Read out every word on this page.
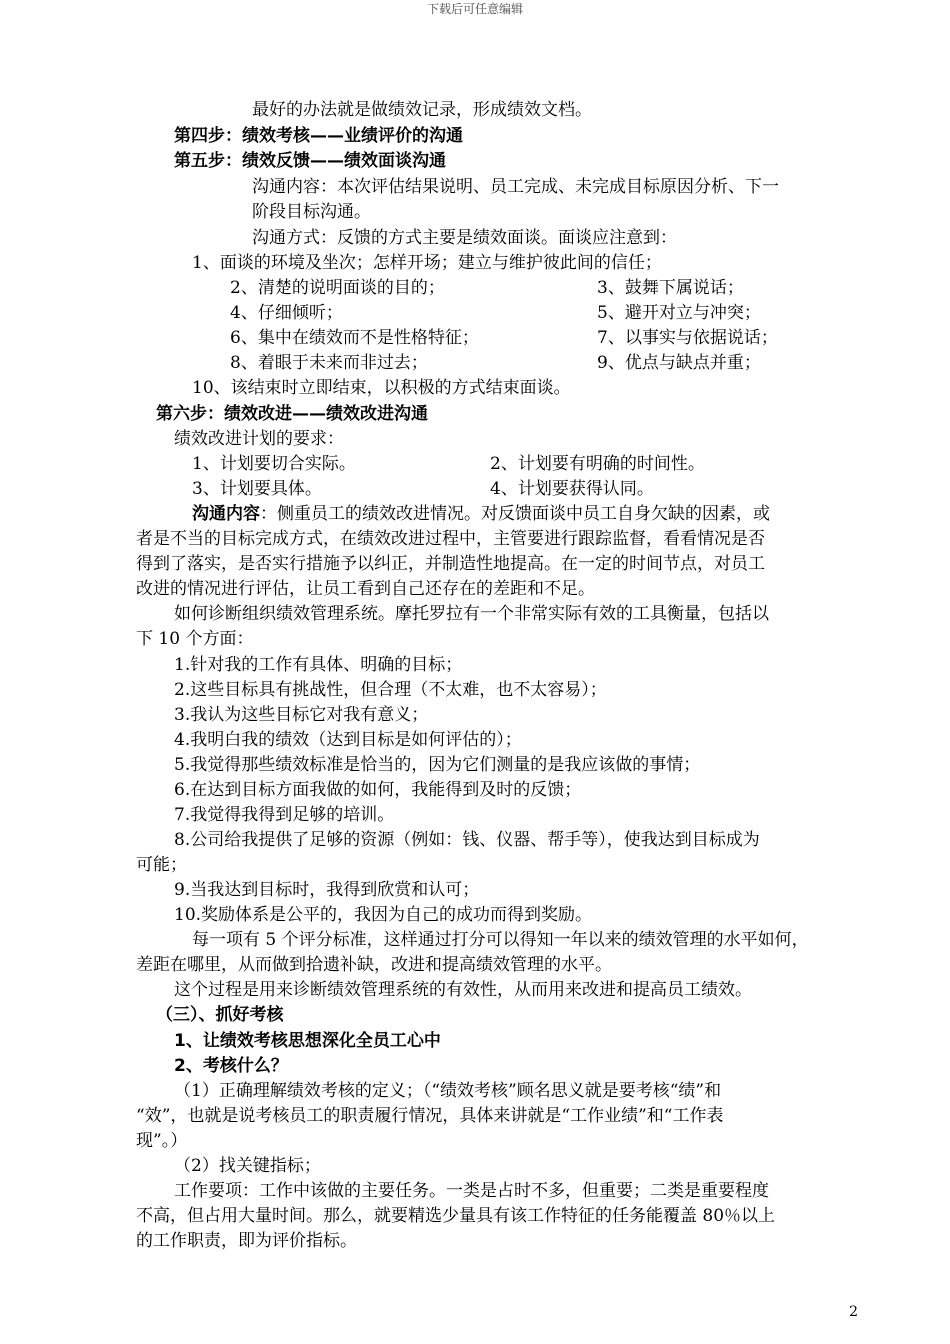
下载后可任意编辑
最好的办法就是做绩效记录，形成绩效文档。
第四步：绩效考核——业绩评价的沟通
第五步：绩效反馈——绩效面谈沟通
沟通内容：本次评估结果说明、员工完成、未完成目标原因分析、下一
阶段目标沟通。
沟通方式：反馈的方式主要是绩效面谈。面谈应注意到：
1、面谈的环境及坐次；怎样开场；建立与维护彼此间的信任；
2、清楚的说明面谈的目的；	3、鼓舞下属说话；
4、仔细倾听；	5、避开对立与冲突；
6、集中在绩效而不是性格特征；	7、以事实与依据说话；
8、着眼于未来而非过去；	9、优点与缺点并重；
10、该结束时立即结束，以积极的方式结束面谈。
第六步：绩效改进——绩效改进沟通
绩效改进计划的要求：
1、计划要切合实际。	2、计划要有明确的时间性。
3、计划要具体。	4、计划要获得认同。
沟通内容：侧重员工的绩效改进情况。对反馈面谈中员工自身欠缺的因素，或
者是不当的目标完成方式，在绩效改进过程中，主管要进行跟踪监督，看看情况是否
得到了落实，是否实行措施予以纠正，并制造性地提高。在一定的时间节点，对员工
改进的情况进行评估，让员工看到自己还存在的差距和不足。
如何诊断组织绩效管理系统。摩托罗拉有一个非常实际有效的工具衡量，包括以
下 10 个方面：
1.针对我的工作有具体、明确的目标；
2.这些目标具有挑战性，但合理（不太难，也不太容易）；
3.我认为这些目标它对我有意义；
4.我明白我的绩效（达到目标是如何评估的）；
5.我觉得那些绩效标准是恰当的，因为它们测量的是我应该做的事情；
6.在达到目标方面我做的如何，我能得到及时的反馈；
7.我觉得我得到足够的培训。
8.公司给我提供了足够的资源（例如：钱、仪器、帮手等），使我达到目标成为
可能；
9.当我达到目标时，我得到欣赏和认可；
10.奖励体系是公平的，我因为自己的成功而得到奖励。
每一项有 5 个评分标准，这样通过打分可以得知一年以来的绩效管理的水平如何，
差距在哪里，从而做到拾遗补缺，改进和提高绩效管理的水平。
这个过程是用来诊断绩效管理系统的有效性，从而用来改进和提高员工绩效。
（三）、抓好考核
1、让绩效考核思想深化全员工心中
2、考核什么？
（1）正确理解绩效考核的定义；（“绩效考核”顾名思义就是要考核“绩”和
“效”，也就是说考核员工的职责履行情况，具体来讲就是“工作业绩”和“工作表
现”。）
（2）找关键指标；
工作要项：工作中该做的主要任务。一类是占时不多，但重要；二类是重要程度
不高，但占用大量时间。那么，就要精选少量具有该工作特征的任务能覆盖 80％以上
的工作职责，即为评价指标。
2
